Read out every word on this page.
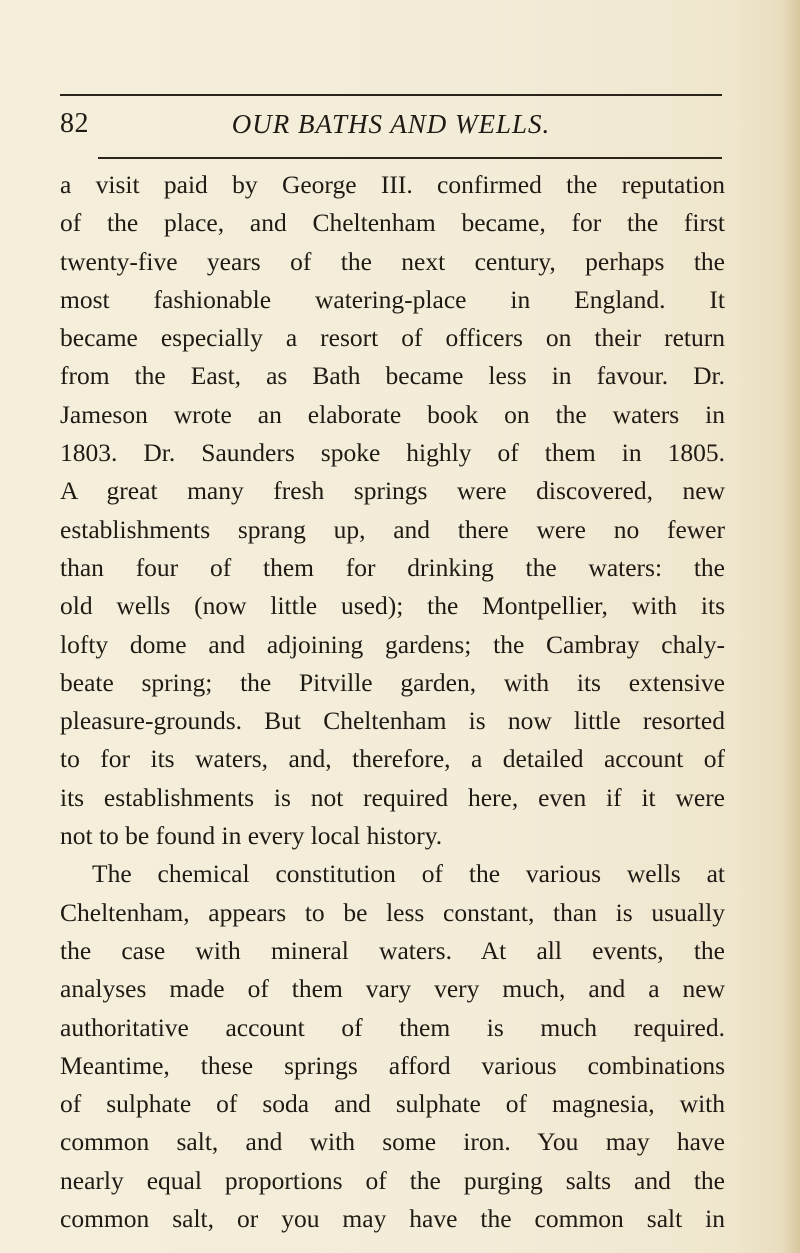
82	OUR BATHS AND WELLS.
a visit paid by George III. confirmed the reputation
of the place, and Cheltenham became, for the first
twenty-five years of the next century, perhaps the
most fashionable watering-place in England. It
became especially a resort of officers on their return
from the East, as Bath became less in favour. Dr.
Jameson wrote an elaborate book on the waters in
1803. Dr. Saunders spoke highly of them in 1805.
A great many fresh springs were discovered, new
establishments sprang up, and there were no fewer
than four of them for drinking the waters: the
old wells (now little used); the Montpellier, with its
lofty dome and adjoining gardens; the Cambray chaly-
beate spring; the Pitville garden, with its extensive
pleasure-grounds. But Cheltenham is now little resorted
to for its waters, and, therefore, a detailed account of
its establishments is not required here, even if it were
not to be found in every local history.
The chemical constitution of the various wells at
Cheltenham, appears to be less constant, than is usually
the case with mineral waters. At all events, the
analyses made of them vary very much, and a new
authoritative account of them is much required.
Meantime, these springs afford various combinations
of sulphate of soda and sulphate of magnesia, with
common salt, and with some iron. You may have
nearly equal proportions of the purging salts and the
common salt, or you may have the common salt in
